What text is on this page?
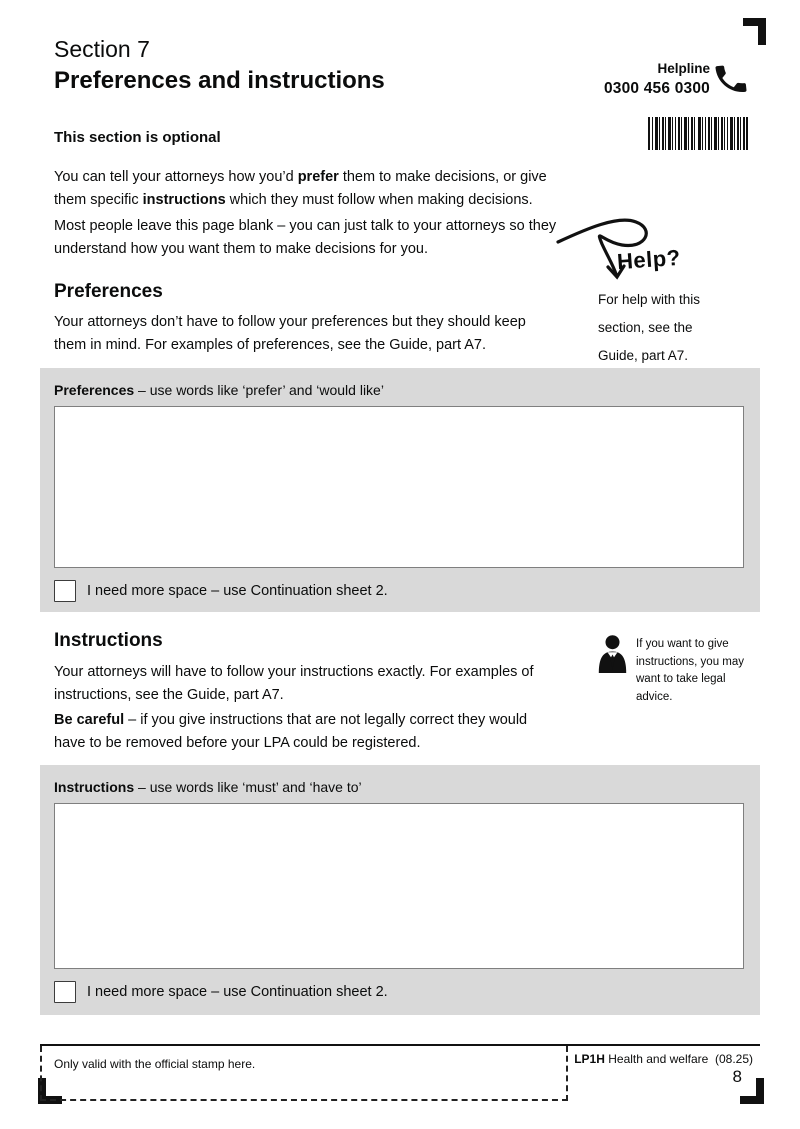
Section 7
Preferences and instructions	Helpline
0300 456 0300
This section is optional

You can tell your attorneys how you’d prefer them to make decisions, or give them specific instructions which they must follow when making decisions.

Most people leave this page blank – you can just talk to your attorneys so they understand how you want them to make decisions for you.	Help?
For help with this section, see the Guide, part A7.
Preferences

Your attorneys don’t have to follow your preferences but they should keep them in mind. For examples of preferences, see the Guide, part A7.

Preferences – use words like ‘prefer’ and ‘would like’
I need more space – use Continuation sheet 2.
Instructions

Your attorneys will have to follow your instructions exactly. For examples of instructions, see the Guide, part A7.

Be careful – if you give instructions that are not legally correct they would have to be removed before your LPA could be registered.

If you want to give instructions, you may want to take legal advice.
Instructions – use words like ‘must’ and ‘have to’
I need more space – use Continuation sheet 2.
Only valid with the official stamp here.	LP1H Health and welfare (08.25)
8
